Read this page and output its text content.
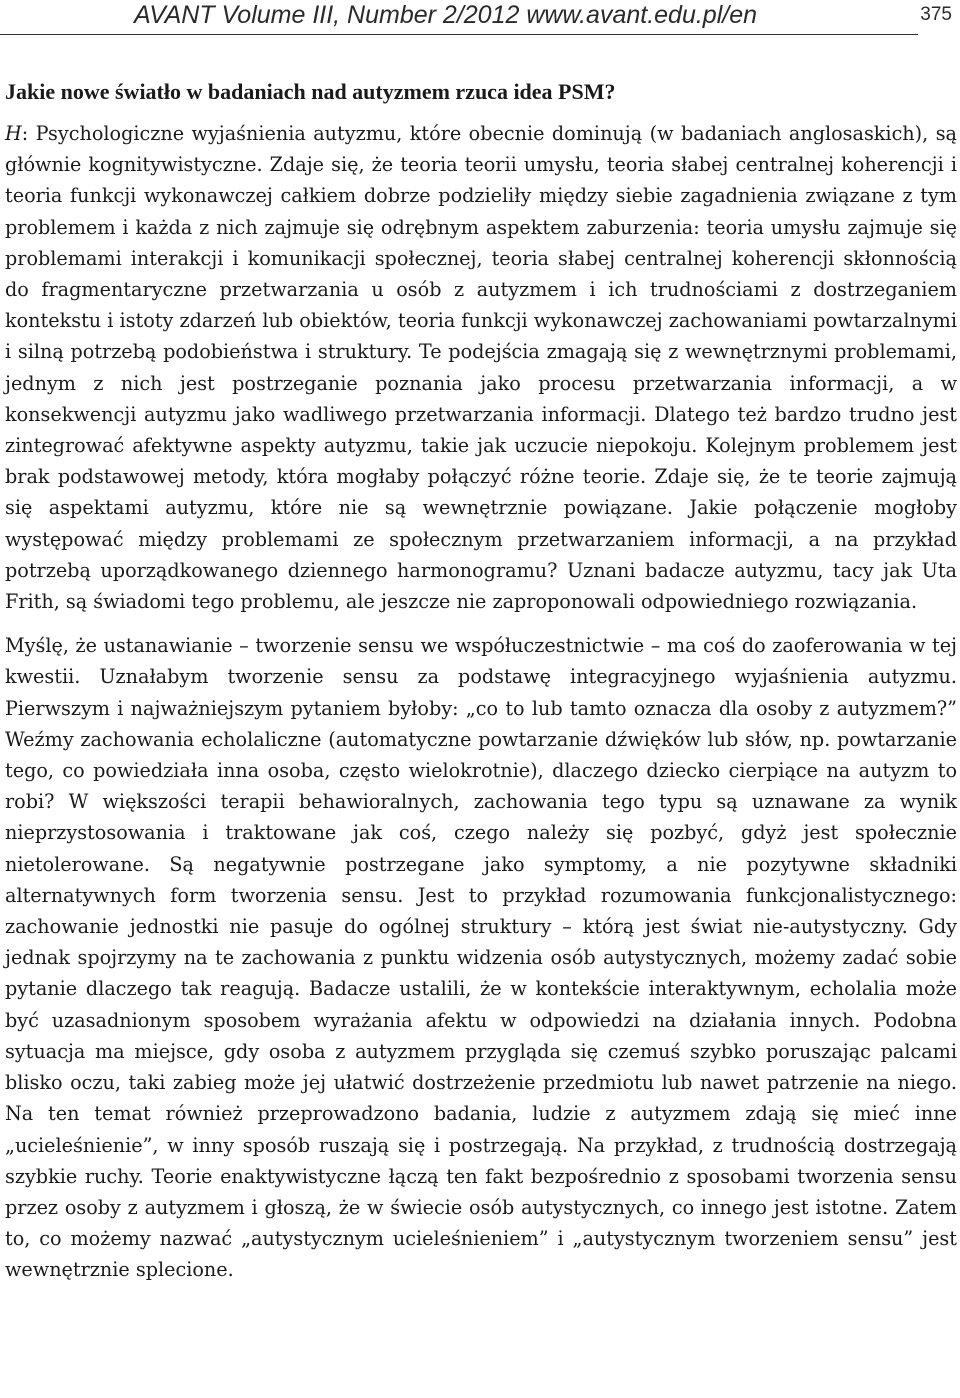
AVANT Volume III, Number 2/2012 www.avant.edu.pl/en	375
Jakie nowe światło w badaniach nad autyzmem rzuca idea PSM?

H: Psychologiczne wyjaśnienia autyzmu, które obecnie dominują (w badaniach anglosaskich), są głównie kognitywistyczne. Zdaje się, że teoria teorii umysłu, teoria słabej centralnej koherencji i teoria funkcji wykonawczej całkiem dobrze podzieliły między siebie zagadnienia związane z tym problemem i każda z nich zajmuje się odrębnym aspektem zaburzenia: teoria umysłu zajmuje się problemami interakcji i komunikacji społecznej, teoria słabej centralnej koherencji skłonnością do fragmentaryczne przetwarzania u osób z autyzmem i ich trudnościami z dostrzeganiem kontekstu i istoty zdarzeń lub obiektów, teoria funkcji wykonawczej zachowaniami powtarzalnymi i silną potrzebą podobieństwa i struktury. Te podejścia zmagają się z wewnętrznymi problemami, jednym z nich jest postrzeganie poznania jako procesu przetwarzania informacji, a w konsekwencji autyzmu jako wadliwego przetwarzania informacji. Dlatego też bardzo trudno jest zintegrować afektywne aspekty autyzmu, takie jak uczucie niepokoju. Kolejnym problemem jest brak podstawowej metody, która mogłaby połączyć różne teorie. Zdaje się, że te teorie zajmują się aspektami autyzmu, które nie są wewnętrznie powiązane. Jakie połączenie mogłoby występować między problemami ze społecznym przetwarzaniem informacji, a na przykład potrzebą uporządkowanego dziennego harmonogramu? Uznani badacze autyzmu, tacy jak Uta Frith, są świadomi tego problemu, ale jeszcze nie zaproponowali odpowiedniego rozwiązania.

Myślę, że ustanawianie – tworzenie sensu we współuczestnictwie – ma coś do zaoferowania w tej kwestii. Uznałabym tworzenie sensu za podstawę integracyjnego wyjaśnienia autyzmu. Pierwszym i najważniejszym pytaniem byłoby: „co to lub tamto oznacza dla osoby z autyzmem?” Weźmy zachowania echolaliczne (automatyczne powtarzanie dźwięków lub słów, np. powtarzanie tego, co powiedziała inna osoba, często wielokrotnie), dlaczego dziecko cierpiące na autyzm to robi? W większości terapii behawioralnych, zachowania tego typu są uznawane za wynik nieprzystosowania i traktowane jak coś, czego należy się pozbyć, gdyż jest społecznie nietolerowane. Są negatywnie postrzegane jako symptomy, a nie pozytywne składniki alternatywnych form tworzenia sensu. Jest to przykład rozumowania funkcjonalistycznego: zachowanie jednostki nie pasuje do ogólnej struktury – którą jest świat nie-autystyczny. Gdy jednak spojrzymy na te zachowania z punktu widzenia osób autystycznych, możemy zadać sobie pytanie dlaczego tak reagują. Badacze ustalili, że w kontekście interaktywnym, echolalia może być uzasadnionym sposobem wyrażania afektu w odpowiedzi na działania innych. Podobna sytuacja ma miejsce, gdy osoba z autyzmem przygląda się czemuś szybko poruszając palcami blisko oczu, taki zabieg może jej ułatwić dostrzeżenie przedmiotu lub nawet patrzenie na niego. Na ten temat również przeprowadzono badania, ludzie z autyzmem zdają się mieć inne „ucieleśnienie”, w inny sposób ruszają się i postrzegają. Na przykład, z trudnością dostrzegają szybkie ruchy. Teorie enaktywistyczne łączą ten fakt bezpośrednio z sposobami tworzenia sensu przez osoby z autyzmem i głoszą, że w świecie osób autystycznych, co innego jest istotne. Zatem to, co możemy nazwać „autystycznym ucieleśnieniem” i „autystycznym tworzeniem sensu” jest wewnętrznie splecione.
